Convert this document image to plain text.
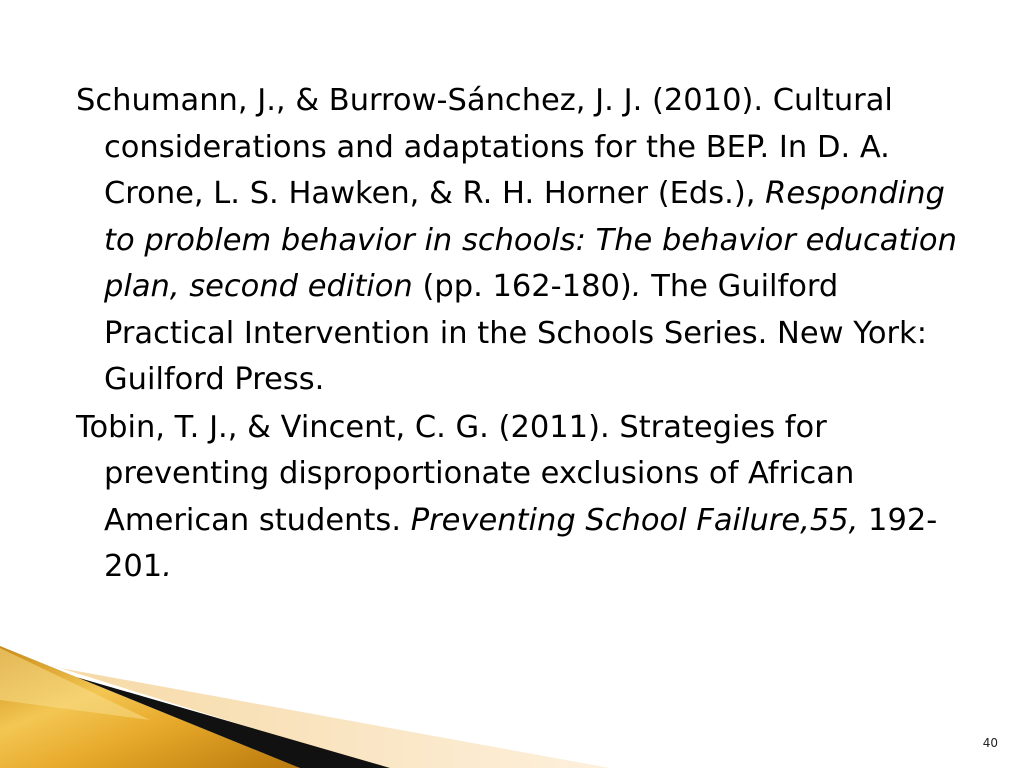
Schumann, J., & Burrow-Sánchez, J. J. (2010). Cultural considerations and adaptations for the BEP. In D. A. Crone, L. S. Hawken, & R. H. Horner (Eds.), Responding to problem behavior in schools: The behavior education plan, second edition (pp. 162-180). The Guilford Practical Intervention in the Schools Series. New York: Guilford Press.
Tobin, T. J., & Vincent, C. G. (2011). Strategies for preventing disproportionate exclusions of African American students. Preventing School Failure,55, 192-201.
40
